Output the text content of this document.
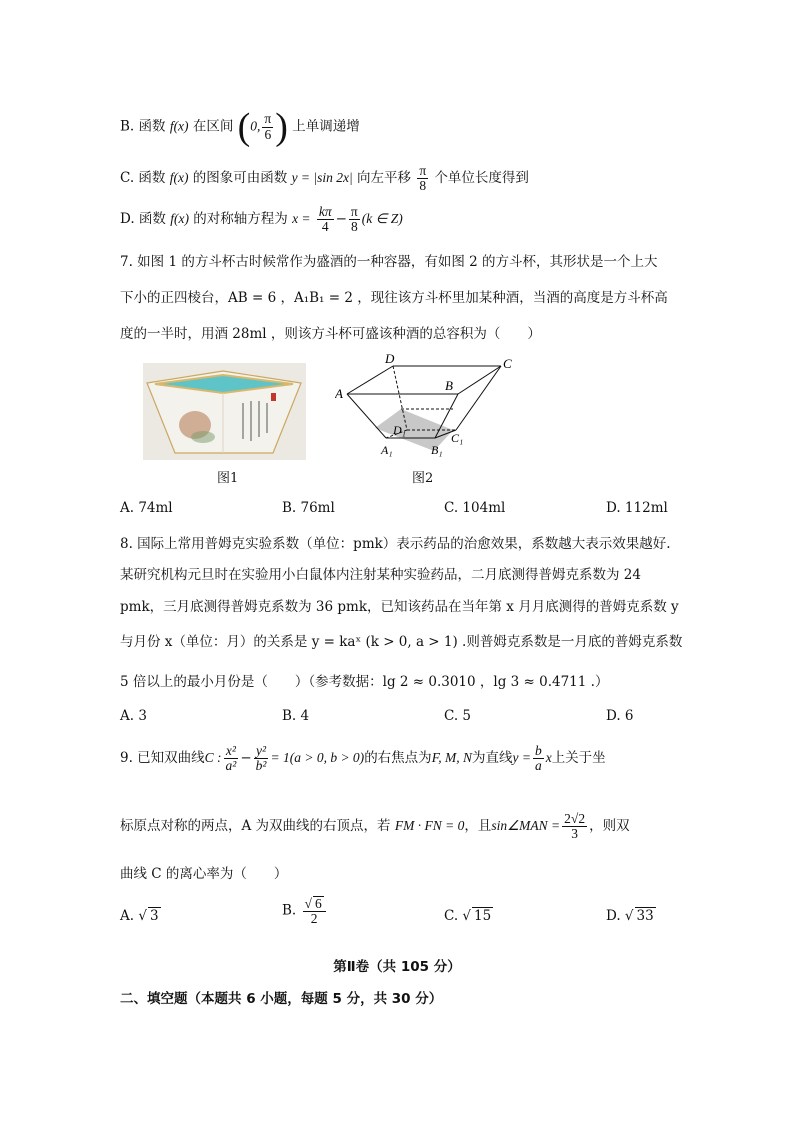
B. 函数 f(x) 在区间 (0, $\frac{\pi}{6}$ ) 上单调递增
C. 函数 f(x) 的图象可由函数 y = |sin 2x| 向左平移 $\frac{\pi}{8}$ 个单位长度得到
D. 函数 f(x) 的对称轴方程为 $x = \frac{k\pi}{4} - \frac{\pi}{8} (k$ ∈ Z)
7. 如图 1 的方斗杯古时候常作为盛酒的一种容器，有如图 2 的方斗杯，其形状是一个上大
下小的正四棱台，AB = 6 ，A₁B₁ = 2 ，现往该方斗杯里加某种酒，当酒的高度是方斗杯高
度的一半时，用酒 28ml ，则该方斗杯可盛该种酒的总容积为（　　）
图1
D	C
A
B
D₁
C₁
A₁	B₁
图2
A. 74ml	B. 76ml	C. 104ml	D. 112ml
8. 国际上常用普姆克实验系数（单位：pmk）表示药品的治愈效果，系数越大表示效果越好.
某研究机构元旦时在实验用小白鼠体内注射某种实验药品，二月底测得普姆克系数为 24
pmk，三月底测得普姆克系数为 36 pmk，已知该药品在当年第 x 月月底测得的普姆克系数 y
与月份 x（单位：月）的关系是 y = kaˣ (k > 0, a > 1) .则普姆克系数是一月底的普姆克系数
5 倍以上的最小月份是（　　）（参考数据：lg 2 ≈ 0.3010 ，lg 3 ≈ 0.4711 .）
A. 3	B. 4	C. 5	D. 6
9. 已知双曲线C : $\frac{\text{x²}}{\text{a²}} - \frac{\text{y²}}{\text{b²}} = 1(a > 0$, b > 0)的右焦点为F, M, N为直线$y = \frac{b}{a}$ x上关于坐
标原点对称的两点，A 为双曲线的右顶点，若 FM · FN = 0，且sin∠MAN = $\frac{2√2}{3}$ ，则双
曲线 C 的离心率为（　　）
A. √ 3	B. $\frac{√ 6}{2}$	C. √ 15	D. √ 33
第Ⅱ卷（共 105 分）
二、填空题（本题共 6 小题，每题 5 分，共 30 分）
